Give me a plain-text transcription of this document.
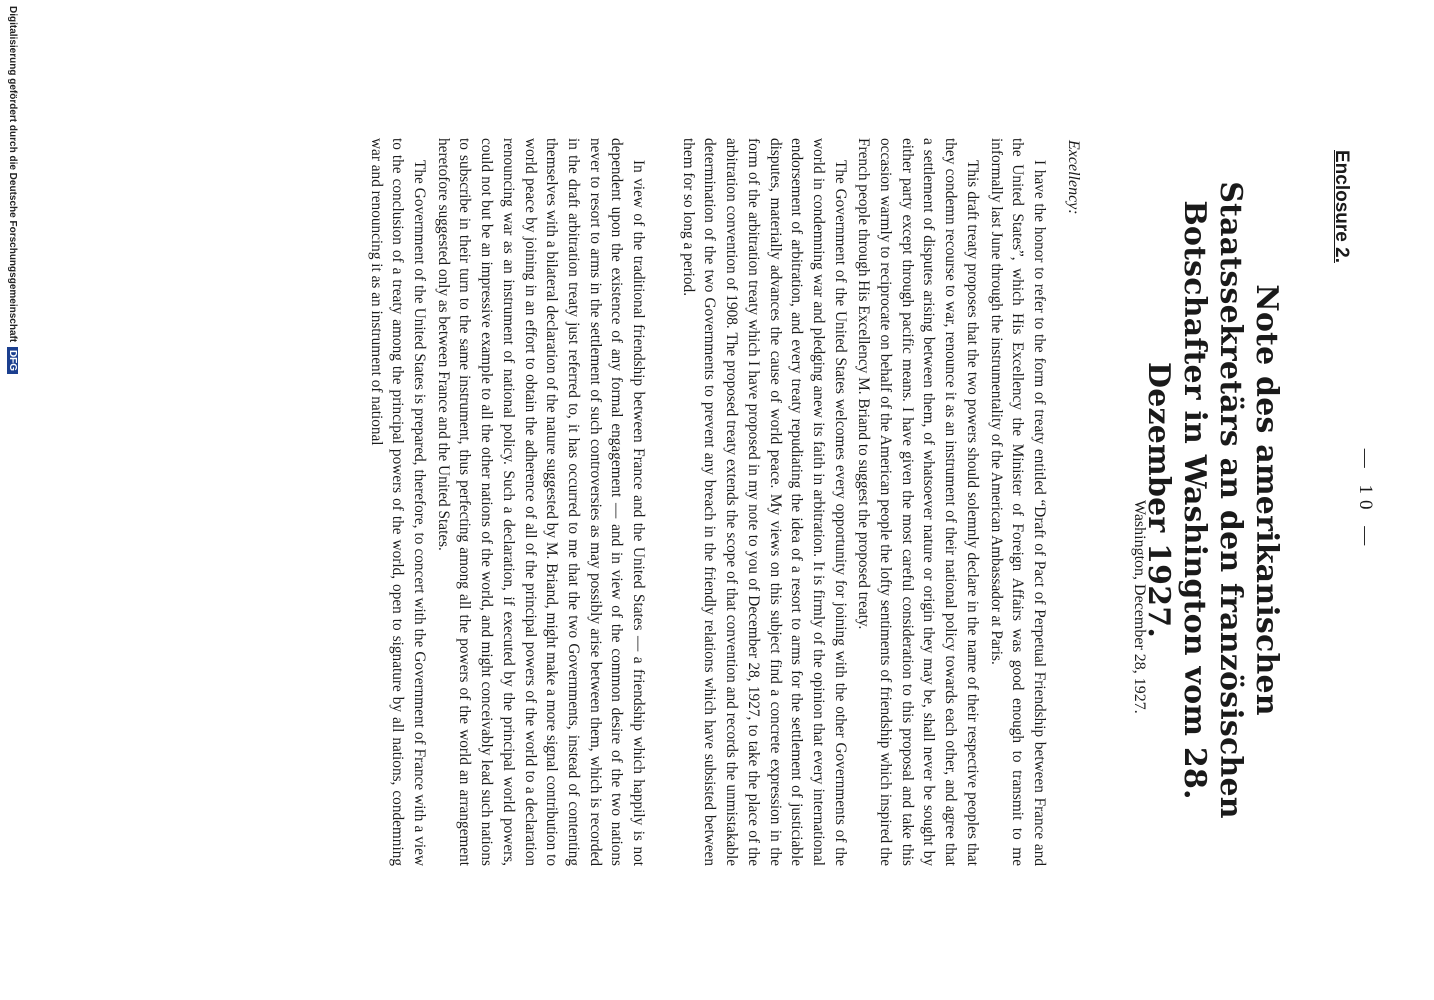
— 10 —
Enclosure 2.
Note des amerikanischen Staatssekretärs an den französischen
Botschafter in Washington vom 28. Dezember 1927.
Washington, December 28, 1927.
Excellency:

I have the honor to refer to the form of treaty entitled “Draft of Pact of Perpetual Friendship between France and the United States”, which His Excellency the Minister of Foreign Affairs was good enough to transmit to me informally last June through the instrumentality of the American Ambassador at Paris.

This draft treaty proposes that the two powers should solemnly declare in the name of their respective peoples that they condemn recourse to war, renounce it as an instrument of their national policy towards each other, and agree that a settlement of disputes arising between them, of whatsoever nature or origin they may be, shall never be sought by either party except through pacific means. I have given the most careful consideration to this proposal and take this occasion warmly to reciprocate on behalf of the American people the lofty sentiments of friendship which inspired the French people through His Excellency M. Briand to suggest the proposed treaty.

The Government of the United States welcomes every opportunity for joining with the other Governments of the world in condemning war and pledging anew its faith in arbitration. It is firmly of the opinion that every international endorsement of arbitration, and every treaty repudiating the idea of a resort to arms for the settlement of justiciable disputes, materially advances the cause of world peace. My views on this subject find a concrete expression in the form of the arbitration treaty which I have proposed in my note to you of December 28, 1927, to take the place of the arbitration convention of 1908. The proposed treaty extends the scope of that convention and records the unmistakable determination of the two Governments to prevent any breach in the friendly relations which have subsisted between them for so long a period.

In view of the traditional friendship between France and the United States — a friendship which happily is not dependent upon the existence of any formal engagement — and in view of the common desire of the two nations never to resort to arms in the settlement of such controversies as may possibly arise between them, which is recorded in the draft arbitration treaty just referred to, it has occurred to me that the two Governments, instead of contenting themselves with a bilateral declaration of the nature suggested by M. Briand, might make a more signal contribution to world peace by joining in an effort to obtain the adherence of all of the principal powers of the world to a declaration renouncing war as an instrument of national policy. Such a declaration, if executed by the principal world powers, could not but be an impressive example to all the other nations of the world, and might conceivably lead such nations to subscribe in their turn to the same instrument, thus perfecting among all the powers of the world an arrangement heretofore suggested only as between France and the United States.

The Government of the United States is prepared, therefore, to concert with the Government of France with a view to the conclusion of a treaty among the principal powers of the world, open to signature by all nations, condemning war and renouncing it as an instrument of national

Digitalisierung gefördert durch die Deutsche Forschungsgemeinschaft DFG
